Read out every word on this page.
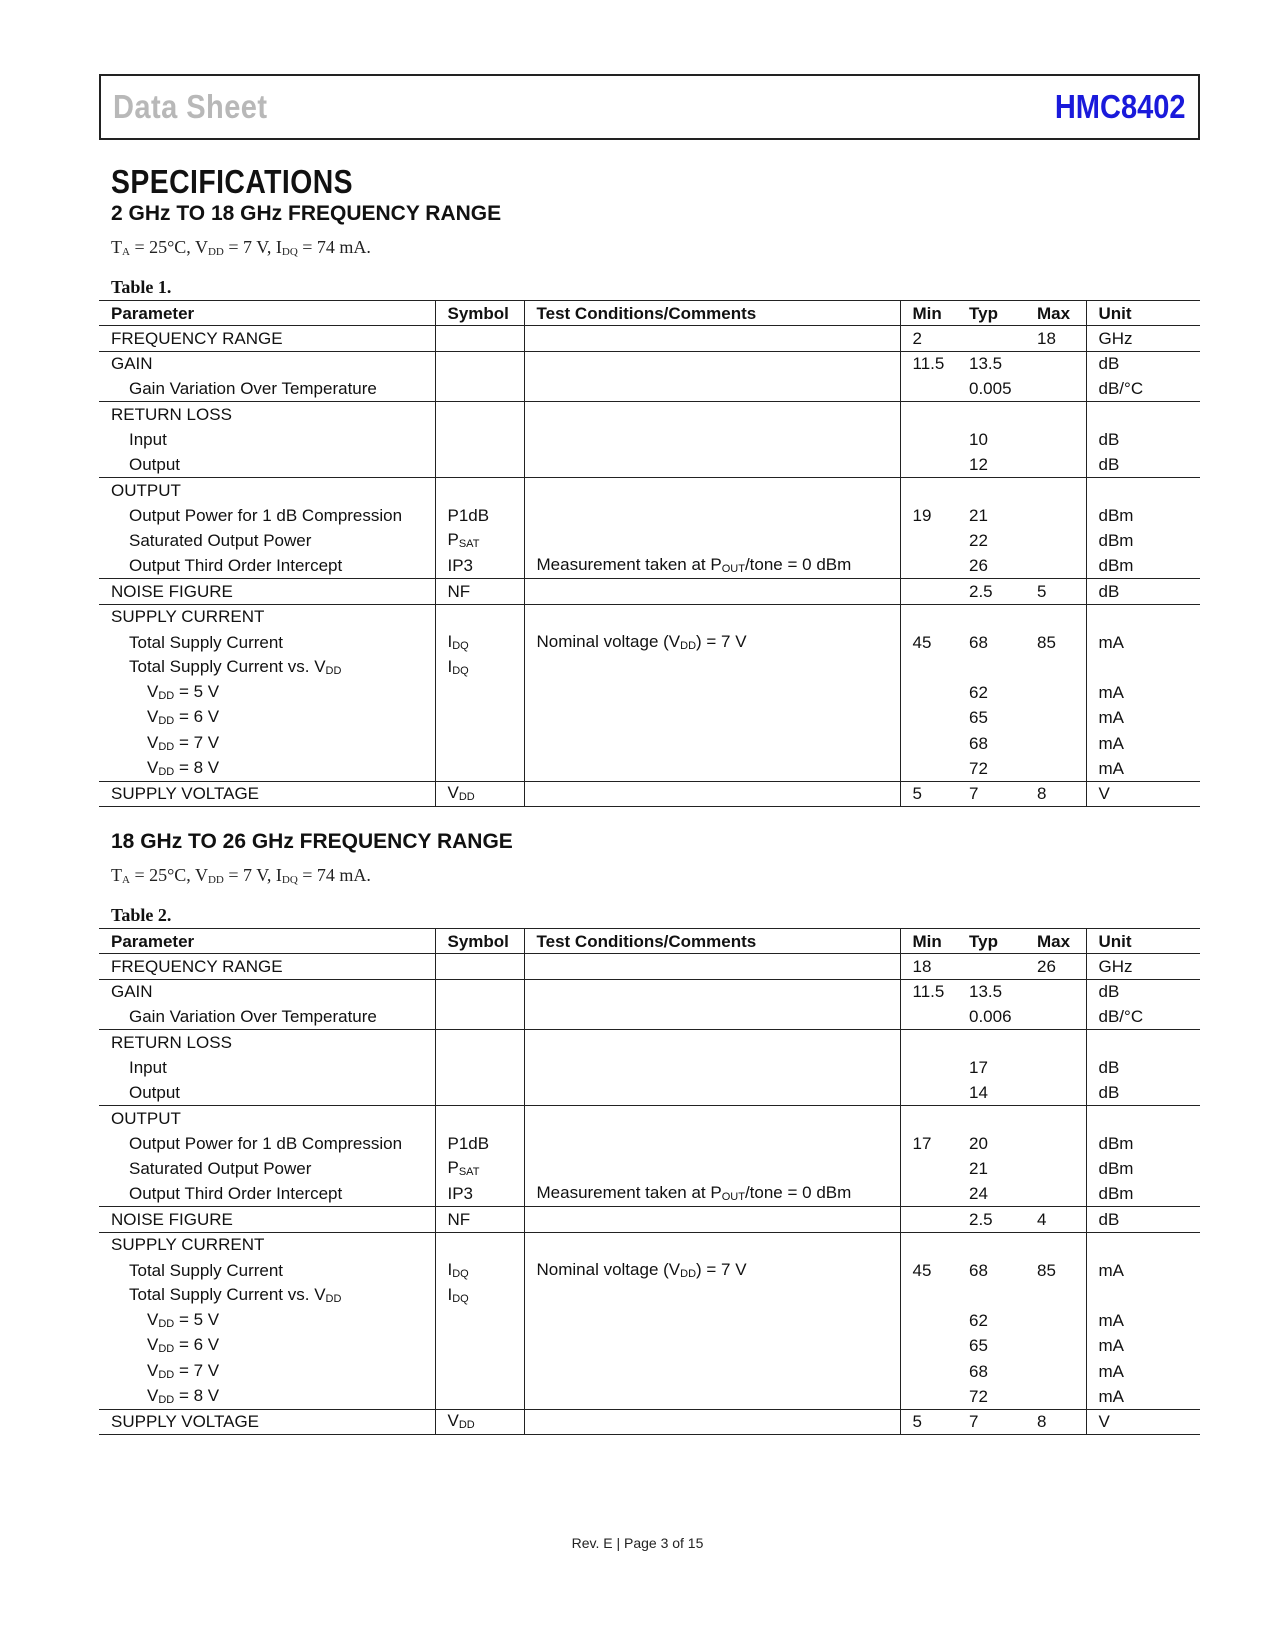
Data Sheet	HMC8402
SPECIFICATIONS
2 GHz TO 18 GHz FREQUENCY RANGE
$T_A = 25^\circ C$, $V_{DD} = 7$ V, $I_{DQ} = 74$ mA.
Table 1.
Parameter	Symbol	Test Conditions/Comments	Min	Typ	Max	Unit
FREQUENCY RANGE			2		18	GHz
GAIN			11.5	13.5		dB
Gain Variation Over Temperature				0.005		dB/°C
RETURN LOSS						
Input				10		dB
Output				12		dB
OUTPUT						
Output Power for 1 dB Compression	P1dB		19	21		dBm
Saturated Output Power	$P_{SAT}$			22		dBm
Output Third Order Intercept	IP3	Measurement taken at $P_{OUT}$/tone = 0 dBm		26		dBm
NOISE FIGURE	NF			2.5	5	dB
SUPPLY CURRENT						
Total Supply Current	$I_{DQ}$	Nominal voltage $(V_{DD}) = 7$ V	45	68	85	mA
Total Supply Current vs. $V_{DD}$	$I_{DQ}$					
$V_{DD} = 5$ V				62		mA
$V_{DD} = 6$ V				65		mA
$V_{DD} = 7$ V				68		mA
$V_{DD} = 8$ V				72		mA
SUPPLY VOLTAGE	$V_{DD}$		5	7	8	V
18 GHz TO 26 GHz FREQUENCY RANGE
$T_A = 25^\circ C$, $V_{DD} = 7$ V, $I_{DQ} = 74$ mA.
Table 2.
Parameter	Symbol	Test Conditions/Comments	Min	Typ	Max	Unit
FREQUENCY RANGE			18		26	GHz
GAIN			11.5	13.5		dB
Gain Variation Over Temperature				0.006		dB/°C
RETURN LOSS						
Input				17		dB
Output				14		dB
OUTPUT						
Output Power for 1 dB Compression	P1dB		17	20		dBm
Saturated Output Power	$P_{SAT}$			21		dBm
Output Third Order Intercept	IP3	Measurement taken at $P_{OUT}$/tone = 0 dBm		24		dBm
NOISE FIGURE	NF			2.5	4	dB
SUPPLY CURRENT						
Total Supply Current	$I_{DQ}$	Nominal voltage $(V_{DD}) = 7$ V	45	68	85	mA
Total Supply Current vs. $V_{DD}$	$I_{DQ}$					
$V_{DD} = 5$ V				62		mA
$V_{DD} = 6$ V				65		mA
$V_{DD} = 7$ V				68		mA
$V_{DD} = 8$ V				72		mA
SUPPLY VOLTAGE	$V_{DD}$		5	7	8	V
Rev. E | Page 3 of 15
